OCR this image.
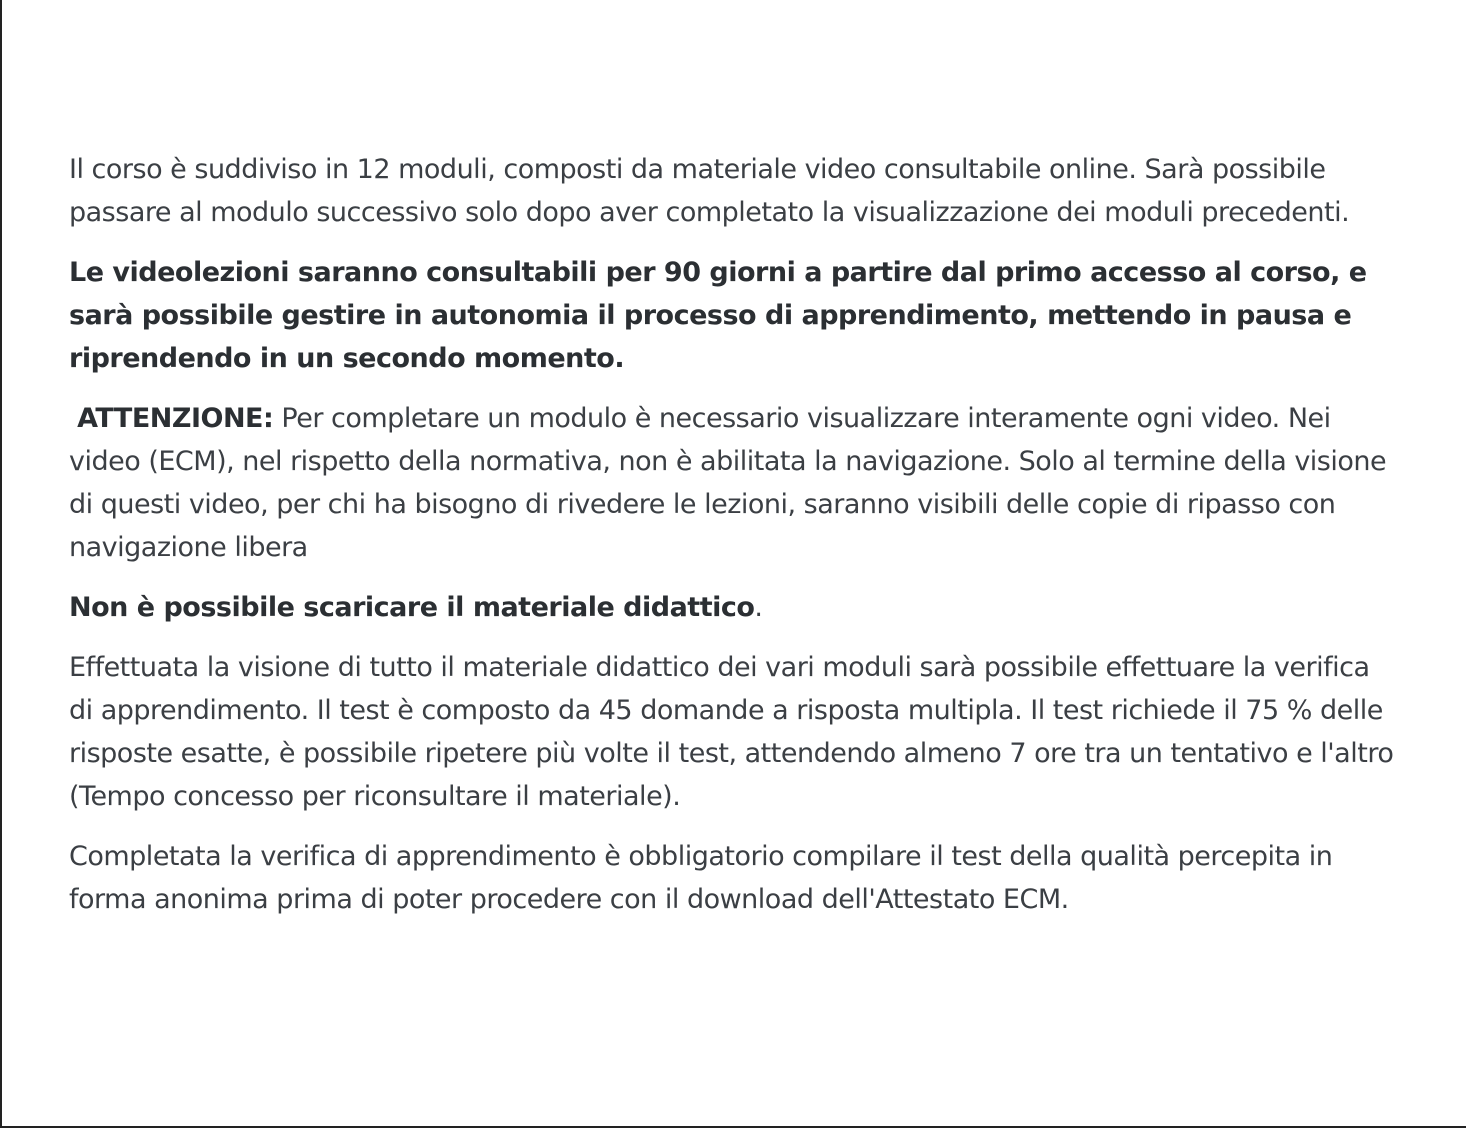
Il corso è suddiviso in 12 moduli, composti da materiale video consultabile online. Sarà possibile passare al modulo successivo solo dopo aver completato la visualizzazione dei moduli precedenti.

Le videolezioni saranno consultabili per 90 giorni a partire dal primo accesso al corso, e sarà possibile gestire in autonomia il processo di apprendimento, mettendo in pausa e riprendendo in un secondo momento.

ATTENZIONE: Per completare un modulo è necessario visualizzare interamente ogni video. Nei video (ECM), nel rispetto della normativa, non è abilitata la navigazione. Solo al termine della visione di questi video, per chi ha bisogno di rivedere le lezioni, saranno visibili delle copie di ripasso con navigazione libera

Non è possibile scaricare il materiale didattico.

Effettuata la visione di tutto il materiale didattico dei vari moduli sarà possibile effettuare la verifica di apprendimento. Il test è composto da 45 domande a risposta multipla. Il test richiede il 75 % delle risposte esatte, è possibile ripetere più volte il test, attendendo almeno 7 ore tra un tentativo e l'altro (Tempo concesso per riconsultare il materiale).

Completata la verifica di apprendimento è obbligatorio compilare il test della qualità percepita in forma anonima prima di poter procedere con il download dell'Attestato ECM.
